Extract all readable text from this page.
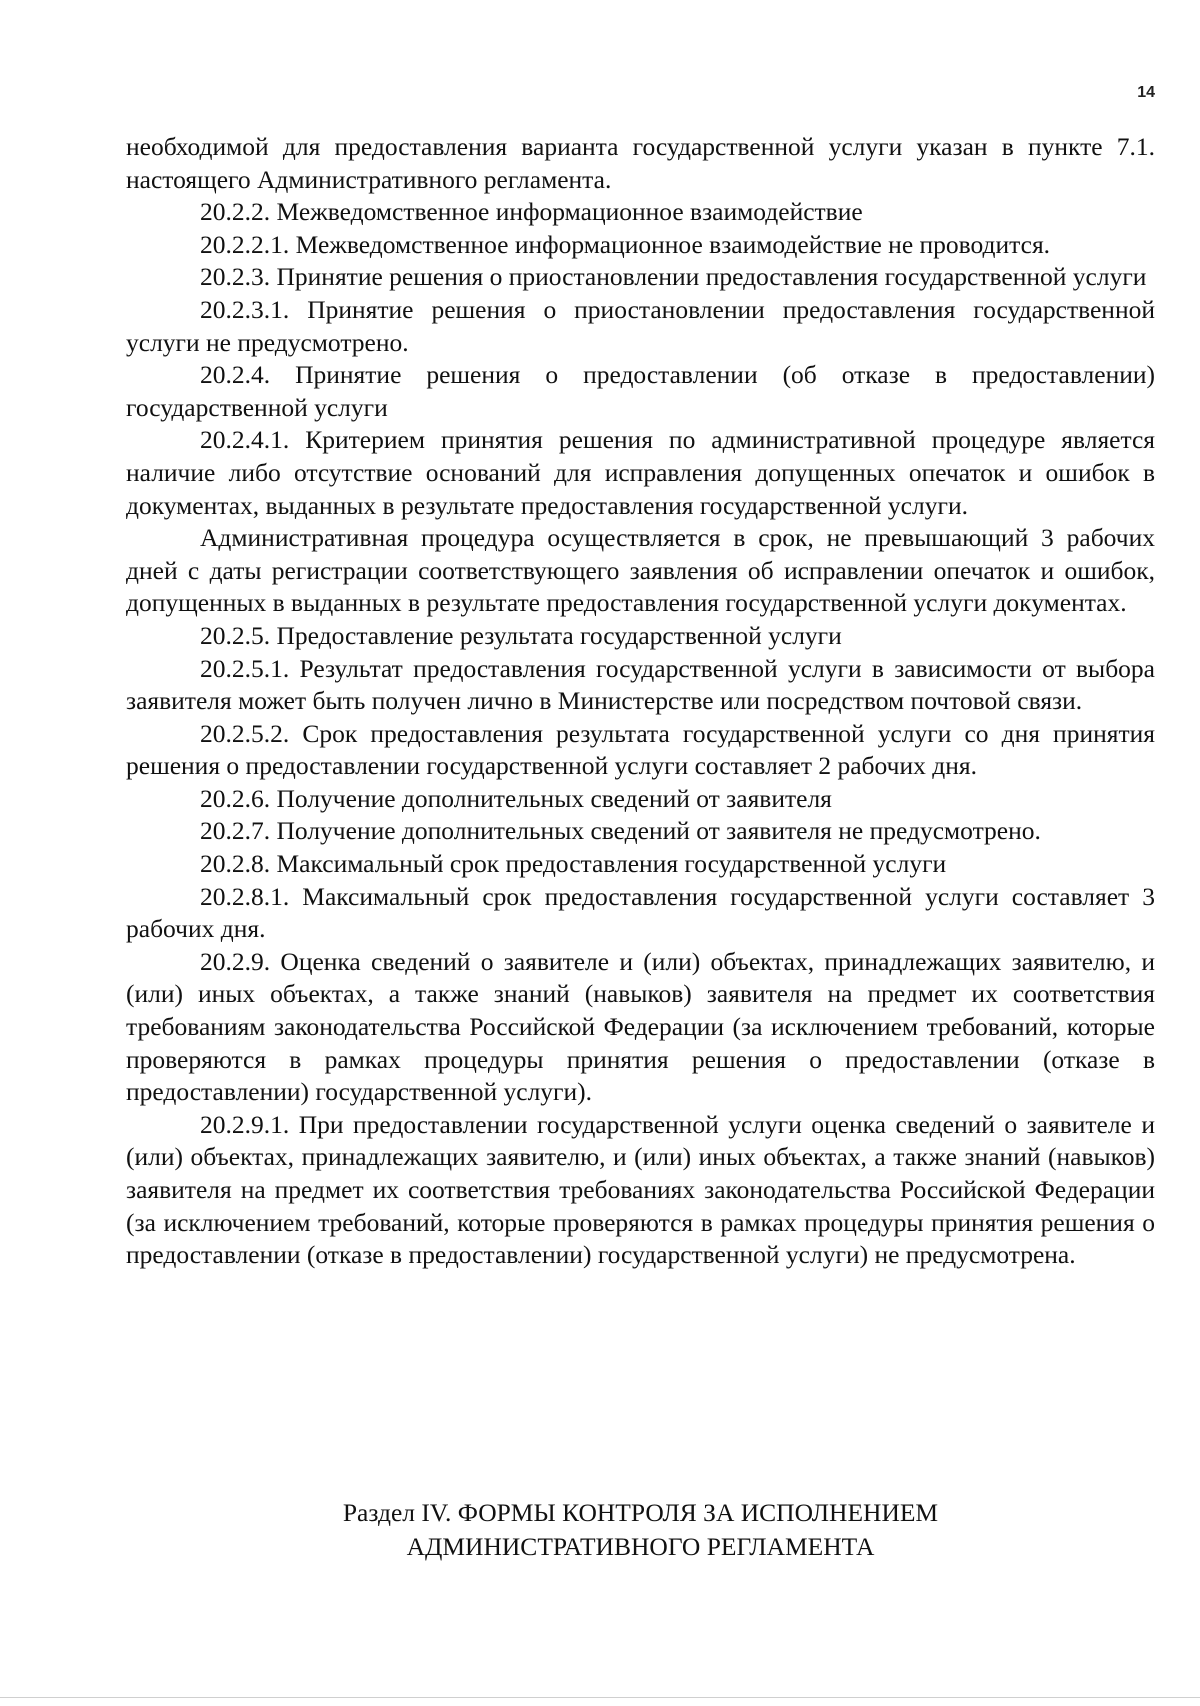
14

необходимой для предоставления варианта государственной услуги указан в пункте 7.1. настоящего Административного регламента.

20.2.2. Межведомственное информационное взаимодействие

20.2.2.1. Межведомственное информационное взаимодействие не проводится.

20.2.3. Принятие решения о приостановлении предоставления государственной услуги

20.2.3.1. Принятие решения о приостановлении предоставления государственной услуги не предусмотрено.

20.2.4. Принятие решения о предоставлении (об отказе в предоставлении) государственной услуги

20.2.4.1. Критерием принятия решения по административной процедуре является наличие либо отсутствие оснований для исправления допущенных опечаток и ошибок в документах, выданных в результате предоставления государственной услуги.

Административная процедура осуществляется в срок, не превышающий 3 рабочих дней с даты регистрации соответствующего заявления об исправлении опечаток и ошибок, допущенных в выданных в результате предоставления государственной услуги документах.

20.2.5. Предоставление результата государственной услуги

20.2.5.1. Результат предоставления государственной услуги в зависимости от выбора заявителя может быть получен лично в Министерстве или посредством почтовой связи.

20.2.5.2. Срок предоставления результата государственной услуги со дня принятия решения о предоставлении государственной услуги составляет 2 рабочих дня.

20.2.6. Получение дополнительных сведений от заявителя

20.2.7. Получение дополнительных сведений от заявителя не предусмотрено.

20.2.8. Максимальный срок предоставления государственной услуги

20.2.8.1. Максимальный срок предоставления государственной услуги составляет 3 рабочих дня.

20.2.9. Оценка сведений о заявителе и (или) объектах, принадлежащих заявителю, и (или) иных объектах, а также знаний (навыков) заявителя на предмет их соответствия требованиям законодательства Российской Федерации (за исключением требований, которые проверяются в рамках процедуры принятия решения о предоставлении (отказе в предоставлении) государственной услуги).

20.2.9.1. При предоставлении государственной услуги оценка сведений о заявителе и (или) объектах, принадлежащих заявителю, и (или) иных объектах, а также знаний (навыков) заявителя на предмет их соответствия требованиях законодательства Российской Федерации (за исключением требований, которые проверяются в рамках процедуры принятия решения о предоставлении (отказе в предоставлении) государственной услуги) не предусмотрена.

Раздел IV. ФОРМЫ КОНТРОЛЯ ЗА ИСПОЛНЕНИЕМ
АДМИНИСТРАТИВНОГО РЕГЛАМЕНТА
